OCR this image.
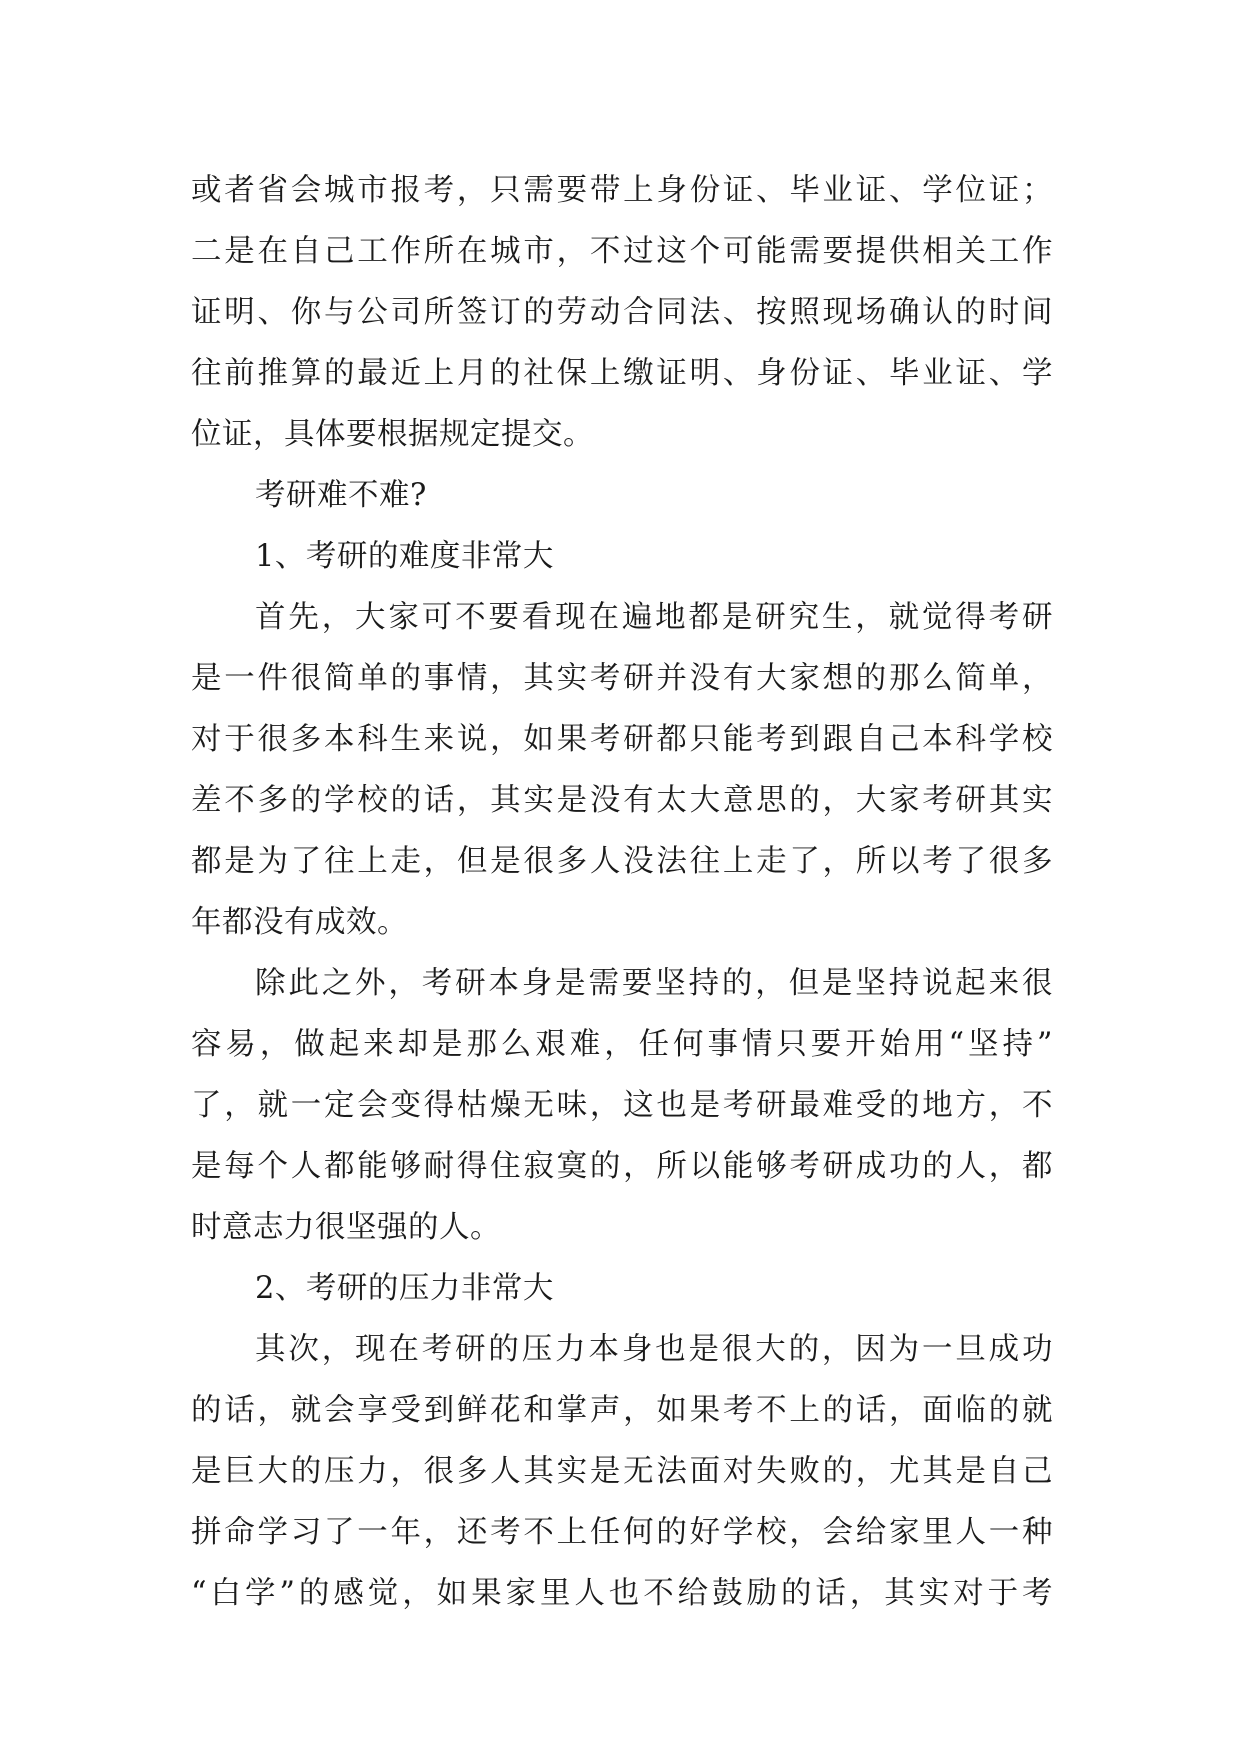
或者省会城市报考，只需要带上身份证、毕业证、学位证；
二是在自己工作所在城市，不过这个可能需要提供相关工作
证明、你与公司所签订的劳动合同法、按照现场确认的时间
往前推算的最近上月的社保上缴证明、身份证、毕业证、学
位证，具体要根据规定提交。
考研难不难?
1、考研的难度非常大
首先，大家可不要看现在遍地都是研究生，就觉得考研
是一件很简单的事情，其实考研并没有大家想的那么简单，
对于很多本科生来说，如果考研都只能考到跟自己本科学校
差不多的学校的话，其实是没有太大意思的，大家考研其实
都是为了往上走，但是很多人没法往上走了，所以考了很多
年都没有成效。
除此之外，考研本身是需要坚持的，但是坚持说起来很
容易，做起来却是那么艰难，任何事情只要开始用“坚持”
了，就一定会变得枯燥无味，这也是考研最难受的地方，不
是每个人都能够耐得住寂寞的，所以能够考研成功的人，都
时意志力很坚强的人。
2、考研的压力非常大
其次，现在考研的压力本身也是很大的，因为一旦成功
的话，就会享受到鲜花和掌声，如果考不上的话，面临的就
是巨大的压力，很多人其实是无法面对失败的，尤其是自己
拼命学习了一年，还考不上任何的好学校，会给家里人一种
“白学”的感觉，如果家里人也不给鼓励的话，其实对于考
